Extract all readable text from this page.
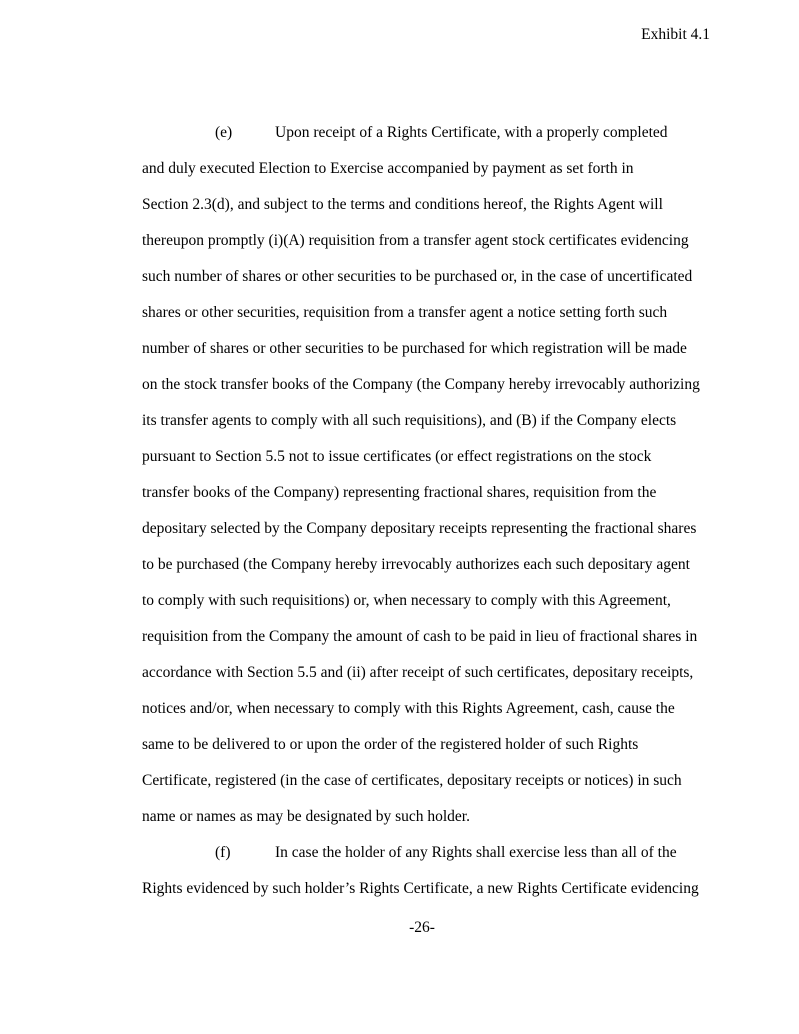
Exhibit 4.1
(e)	Upon receipt of a Rights Certificate, with a properly completed
and duly executed Election to Exercise accompanied by payment as set forth in
Section 2.3(d), and subject to the terms and conditions hereof, the Rights Agent will
thereupon promptly (i)(A) requisition from a transfer agent stock certificates evidencing
such number of shares or other securities to be purchased or, in the case of uncertificated
shares or other securities, requisition from a transfer agent a notice setting forth such
number of shares or other securities to be purchased for which registration will be made
on the stock transfer books of the Company (the Company hereby irrevocably authorizing
its transfer agents to comply with all such requisitions), and (B) if the Company elects
pursuant to Section 5.5 not to issue certificates (or effect registrations on the stock
transfer books of the Company) representing fractional shares, requisition from the
depositary selected by the Company depositary receipts representing the fractional shares
to be purchased (the Company hereby irrevocably authorizes each such depositary agent
to comply with such requisitions) or, when necessary to comply with this Agreement,
requisition from the Company the amount of cash to be paid in lieu of fractional shares in
accordance with Section 5.5 and (ii) after receipt of such certificates, depositary receipts,
notices and/or, when necessary to comply with this Rights Agreement, cash, cause the
same to be delivered to or upon the order of the registered holder of such Rights
Certificate, registered (in the case of certificates, depositary receipts or notices) in such
name or names as may be designated by such holder.
(f)	In case the holder of any Rights shall exercise less than all of the
Rights evidenced by such holder’s Rights Certificate, a new Rights Certificate evidencing
-26-
